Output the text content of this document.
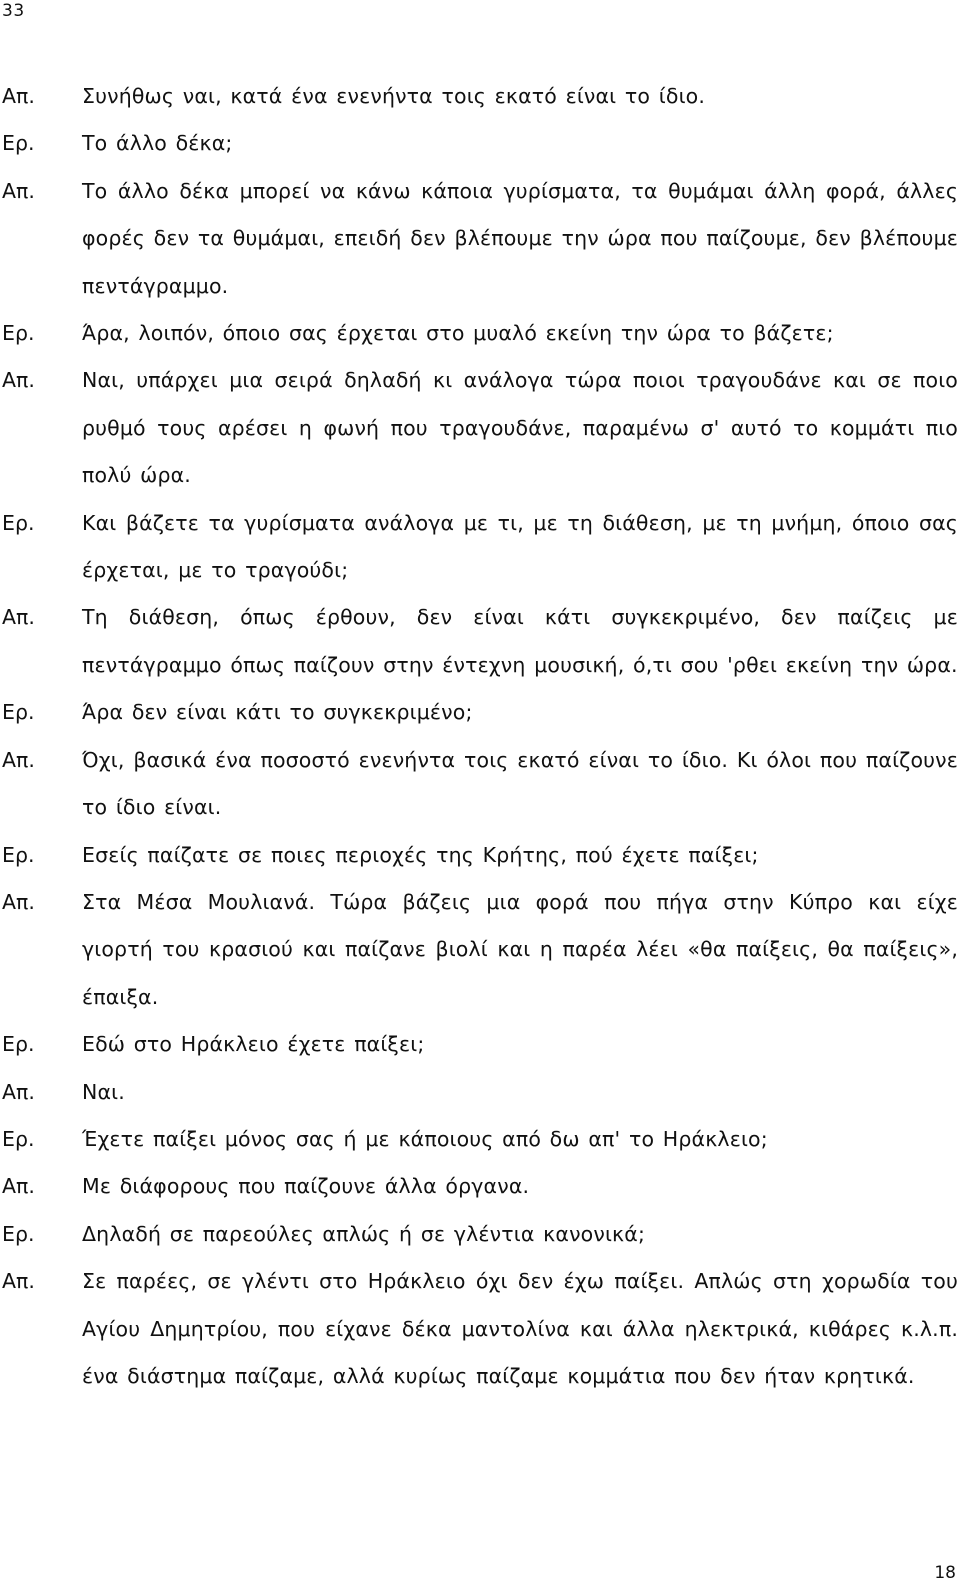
33
Απ.	Συνήθως ναι, κατά ένα ενενήντα τοις εκατό είναι το ίδιο.
Ερ.	Το άλλο δέκα;
Απ.	Το άλλο δέκα μπορεί να κάνω κάποια γυρίσματα, τα θυμάμαι άλλη φορά, άλλες φορές δεν τα θυμάμαι, επειδή δεν βλέπουμε την ώρα που παίζουμε, δεν βλέπουμε πεντάγραμμο.
Ερ.	Άρα, λοιπόν, όποιο σας έρχεται στο μυαλό εκείνη την ώρα το βάζετε;
Απ.	Ναι, υπάρχει μια σειρά δηλαδή κι ανάλογα τώρα ποιοι τραγουδάνε και σε ποιο ρυθμό τους αρέσει η φωνή που τραγουδάνε, παραμένω σ' αυτό το κομμάτι πιο πολύ ώρα.
Ερ.	Και βάζετε τα γυρίσματα ανάλογα με τι, με τη διάθεση, με τη μνήμη, όποιο σας έρχεται, με το τραγούδι;
Απ.	Τη διάθεση, όπως έρθουν, δεν είναι κάτι συγκεκριμένο, δεν παίζεις με πεντάγραμμο όπως παίζουν στην έντεχνη μουσική, ό,τι σου 'ρθει εκείνη την ώρα.
Ερ.	Άρα δεν είναι κάτι το συγκεκριμένο;
Απ.	Όχι, βασικά ένα ποσοστό ενενήντα τοις εκατό είναι το ίδιο. Κι όλοι που παίζουνε το ίδιο είναι.
Ερ.	Εσείς παίζατε σε ποιες περιοχές της Κρήτης, πού έχετε παίξει;
Απ.	Στα Μέσα Μουλιανά. Τώρα βάζεις μια φορά που πήγα στην Κύπρο και είχε γιορτή του κρασιού και παίζανε βιολί και η παρέα λέει «θα παίξεις, θα παίξεις», έπαιξα.
Ερ.	Εδώ στο Ηράκλειο έχετε παίξει;
Απ.	Ναι.
Ερ.	Έχετε παίξει μόνος σας ή με κάποιους από δω απ' το Ηράκλειο;
Απ.	Με διάφορους που παίζουνε άλλα όργανα.
Ερ.	Δηλαδή σε παρεούλες απλώς ή σε γλέντια κανονικά;
Απ.	Σε παρέες, σε γλέντι στο Ηράκλειο όχι δεν έχω παίξει. Απλώς στη χορωδία του Αγίου Δημητρίου, που είχανε δέκα μαντολίνα και άλλα ηλεκτρικά, κιθάρες κ.λ.π. ένα διάστημα παίζαμε, αλλά κυρίως παίζαμε κομμάτια που δεν ήταν κρητικά.
18
